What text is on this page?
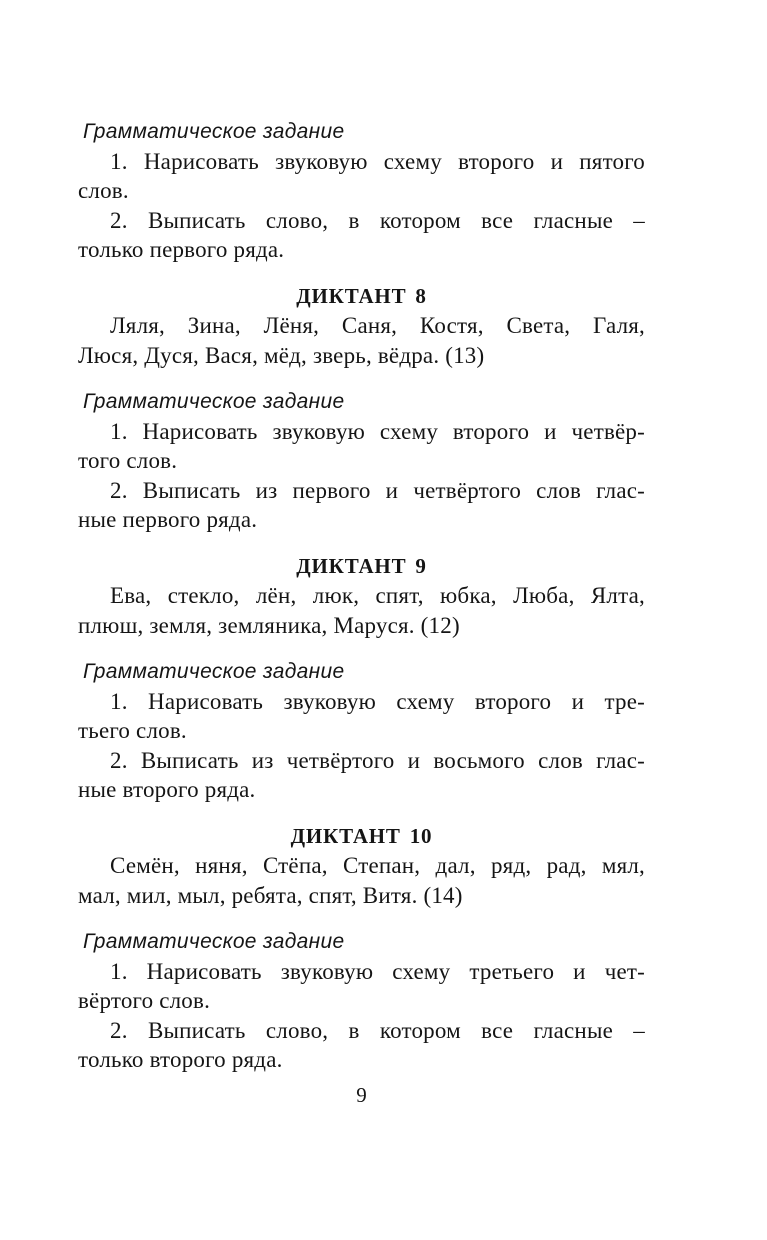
Грамматическое задание
1. Нарисовать звуковую схему второго и пятого
слов.
2. Выписать слово, в котором все гласные –
только первого ряда.
ДИКТАНТ 8
Ляля, Зина, Лёня, Саня, Костя, Света, Галя,
Люся, Дуся, Вася, мёд, зверь, вёдра. (13)
Грамматическое задание
1. Нарисовать звуковую схему второго и четвёр-
того слов.
2. Выписать из первого и четвёртого слов глас-
ные первого ряда.
ДИКТАНТ 9
Ева, стекло, лён, люк, спят, юбка, Люба, Ялта,
плюш, земля, земляника, Маруся. (12)
Грамматическое задание
1. Нарисовать звуковую схему второго и тре-
тьего слов.
2. Выписать из четвёртого и восьмого слов глас-
ные второго ряда.
ДИКТАНТ 10
Семён, няня, Стёпа, Степан, дал, ряд, рад, мял,
мал, мил, мыл, ребята, спят, Витя. (14)
Грамматическое задание
1. Нарисовать звуковую схему третьего и чет-
вёртого слов.
2. Выписать слово, в котором все гласные –
только второго ряда.
9
